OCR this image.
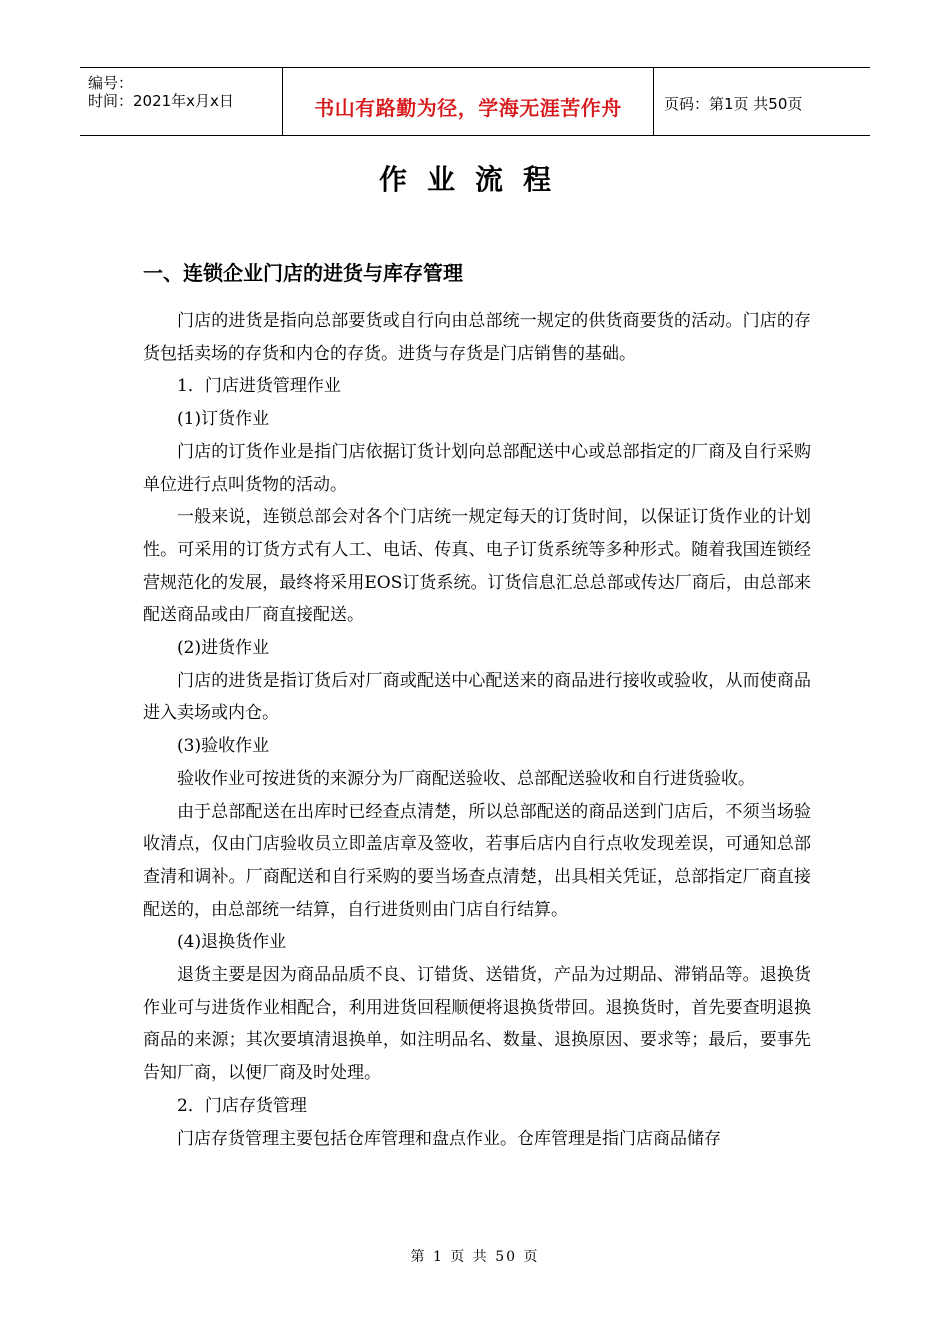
编号：
时间：2021年x月x日	书山有路勤为径，学海无涯苦作舟	页码：第1页 共50页
作业流程
一、连锁企业门店的进货与库存管理

门店的进货是指向总部要货或自行向由总部统一规定的供货商要货的活动。门店的存货包括卖场的存货和内仓的存货。进货与存货是门店销售的基础。

1．门店进货管理作业

(1)订货作业

门店的订货作业是指门店依据订货计划向总部配送中心或总部指定的厂商及自行采购单位进行点叫货物的活动。

一般来说，连锁总部会对各个门店统一规定每天的订货时间，以保证订货作业的计划性。可采用的订货方式有人工、电话、传真、电子订货系统等多种形式。随着我国连锁经营规范化的发展，最终将采用EOS订货系统。订货信息汇总总部或传达厂商后，由总部来配送商品或由厂商直接配送。

(2)进货作业

门店的进货是指订货后对厂商或配送中心配送来的商品进行接收或验收，从而使商品进入卖场或内仓。

(3)验收作业

验收作业可按进货的来源分为厂商配送验收、总部配送验收和自行进货验收。

由于总部配送在出库时已经查点清楚，所以总部配送的商品送到门店后，不须当场验收清点，仅由门店验收员立即盖店章及签收，若事后店内自行点收发现差误，可通知总部查清和调补。厂商配送和自行采购的要当场查点清楚，出具相关凭证，总部指定厂商直接配送的，由总部统一结算，自行进货则由门店自行结算。

(4)退换货作业

退货主要是因为商品品质不良、订错货、送错货，产品为过期品、滞销品等。退换货作业可与进货作业相配合，利用进货回程顺便将退换货带回。退换货时，首先要查明退换商品的来源；其次要填清退换单，如注明品名、数量、退换原因、要求等；最后，要事先告知厂商，以便厂商及时处理。

2．门店存货管理

门店存货管理主要包括仓库管理和盘点作业。仓库管理是指门店商品储存

第 1 页 共 50 页
